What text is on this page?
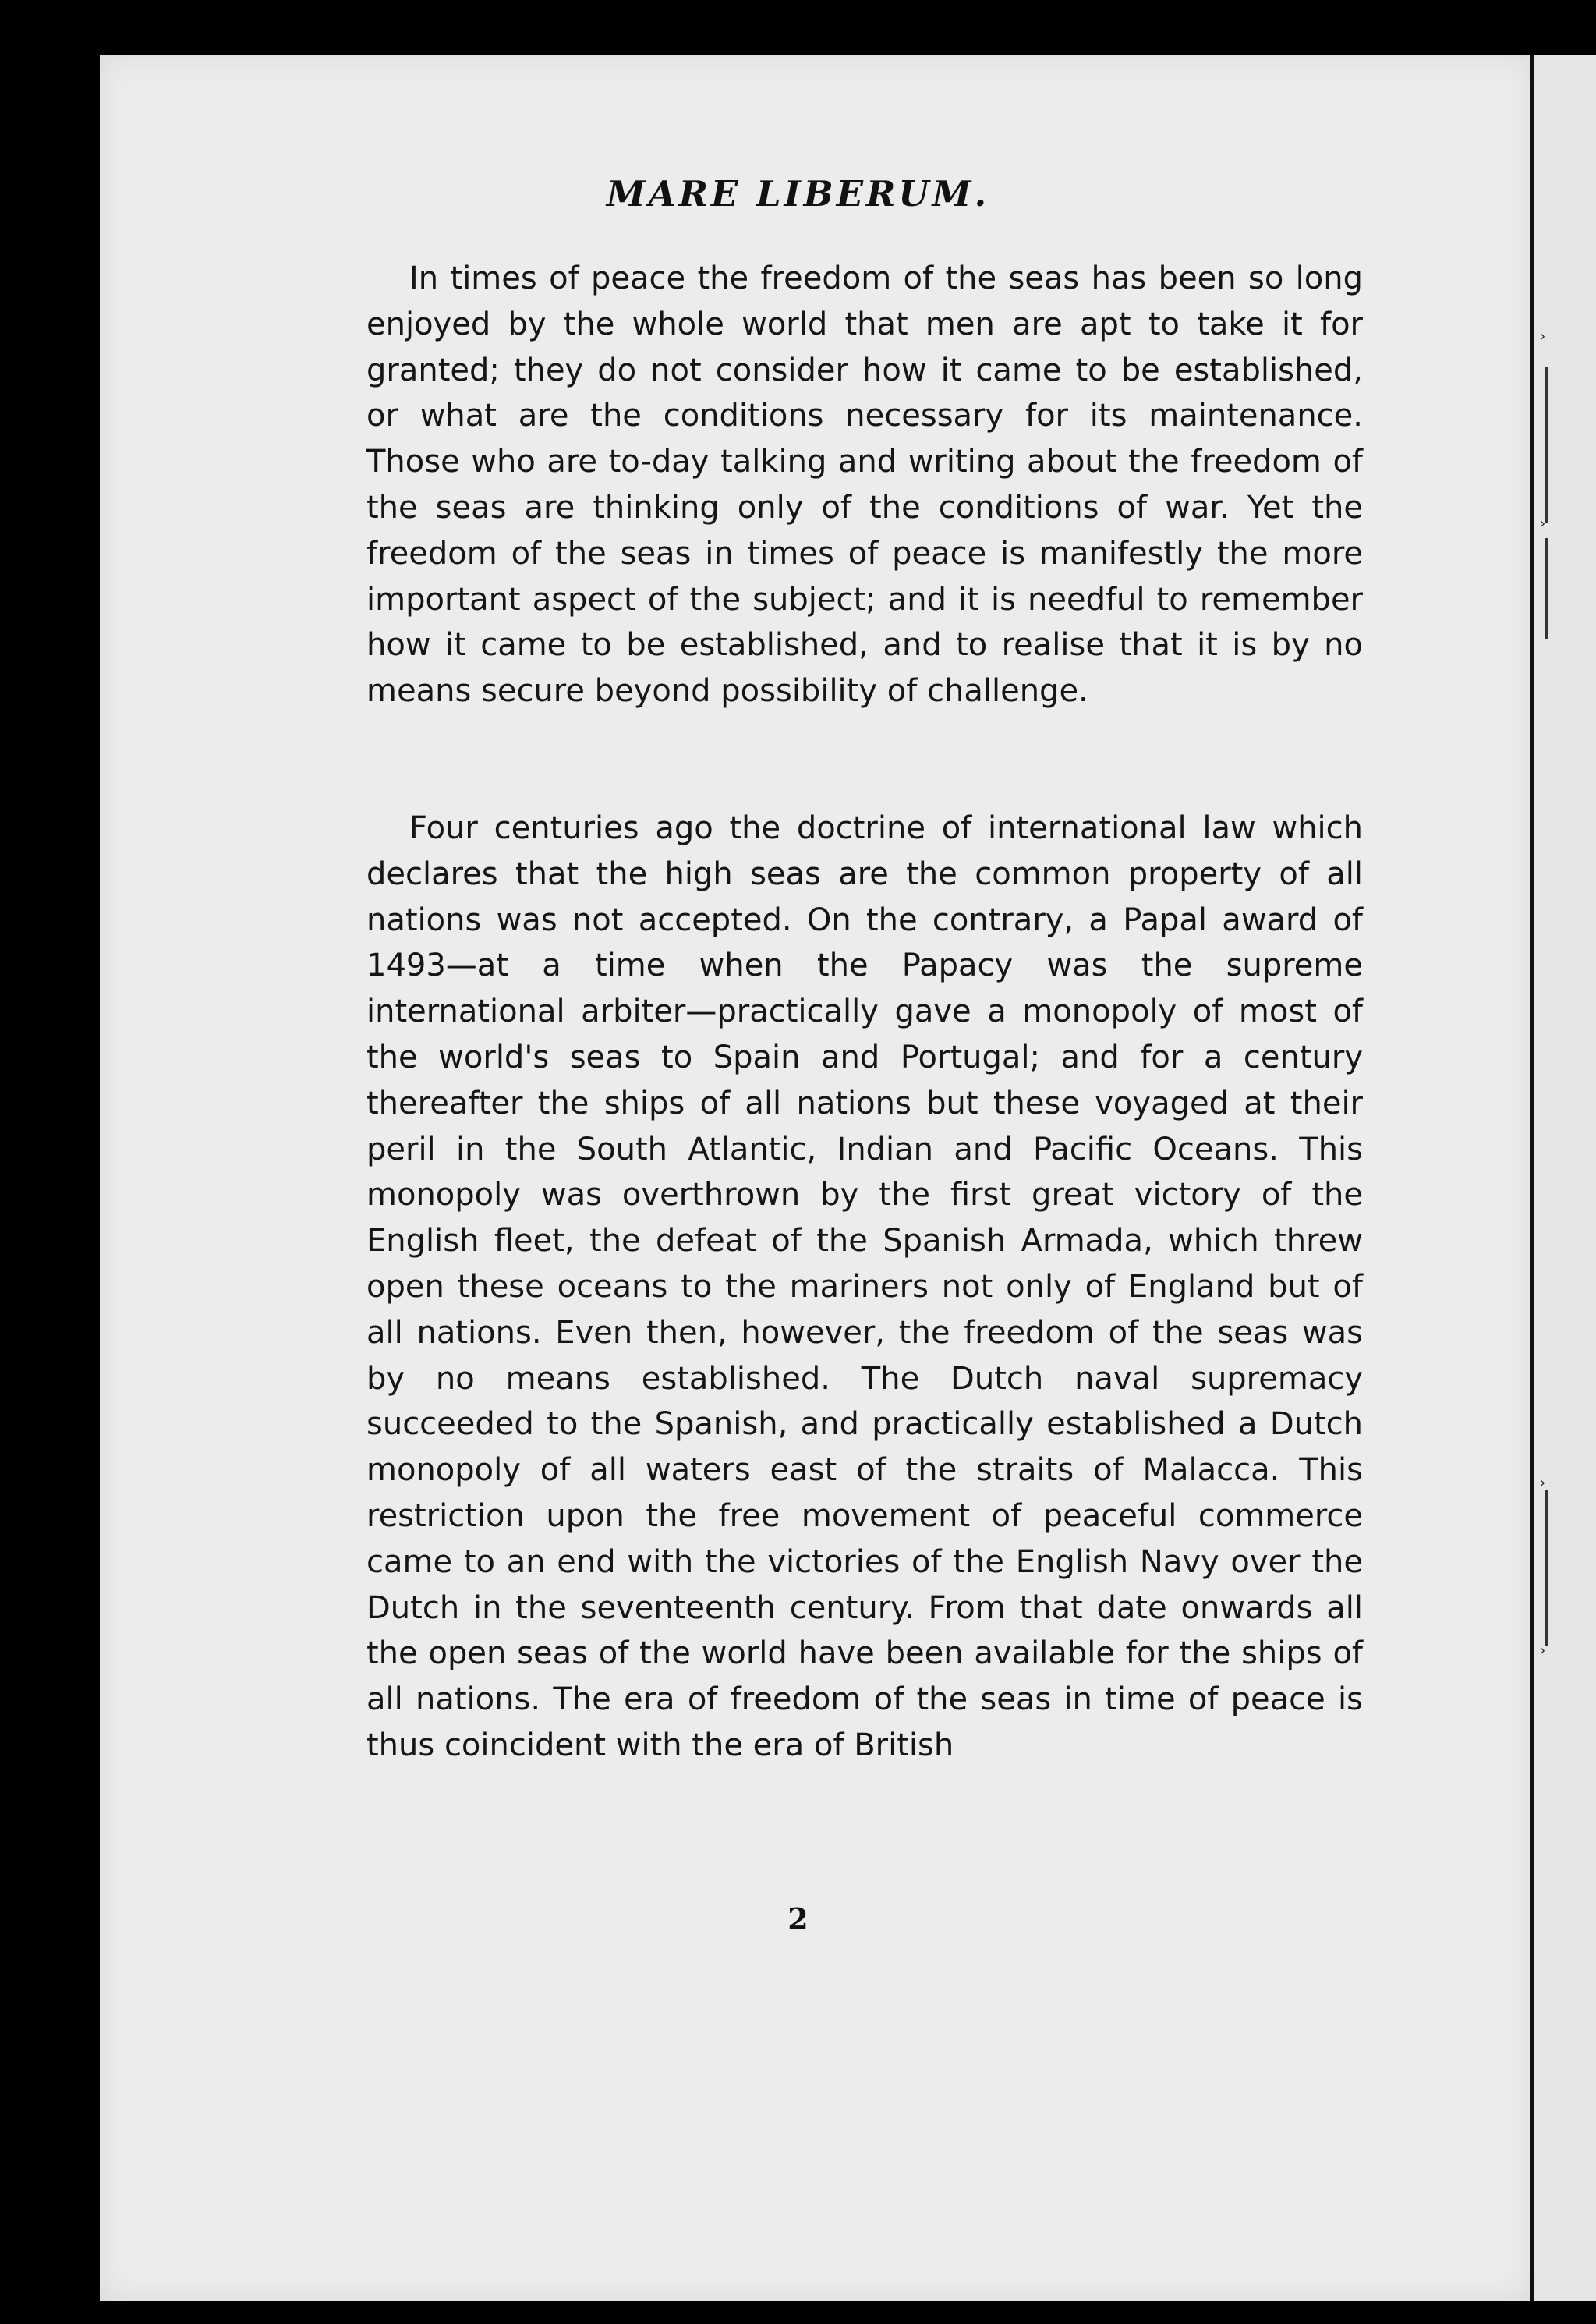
›
›
›
›
MARE LIBERUM.

In times of peace the freedom of the seas has been so long enjoyed by the whole world that men are apt to take it for granted; they do not consider how it came to be established, or what are the conditions necessary for its maintenance. Those who are to-day talking and writing about the freedom of the seas are thinking only of the conditions of war. Yet the freedom of the seas in times of peace is manifestly the more important aspect of the subject; and it is needful to remember how it came to be established, and to realise that it is by no means secure beyond possibility of challenge.

Four centuries ago the doctrine of international law which declares that the high seas are the common property of all nations was not accepted. On the contrary, a Papal award of 1493—at a time when the Papacy was the supreme international arbiter—practically gave a monopoly of most of the world's seas to Spain and Portugal; and for a century thereafter the ships of all nations but these voyaged at their peril in the South Atlantic, Indian and Pacific Oceans. This monopoly was overthrown by the first great victory of the English fleet, the defeat of the Spanish Armada, which threw open these oceans to the mariners not only of England but of all nations. Even then, however, the freedom of the seas was by no means established. The Dutch naval supremacy succeeded to the Spanish, and practically established a Dutch monopoly of all waters east of the straits of Malacca. This restriction upon the free movement of peaceful commerce came to an end with the victories of the English Navy over the Dutch in the seventeenth century. From that date onwards all the open seas of the world have been available for the ships of all nations. The era of freedom of the seas in time of peace is thus coincident with the era of British

2
